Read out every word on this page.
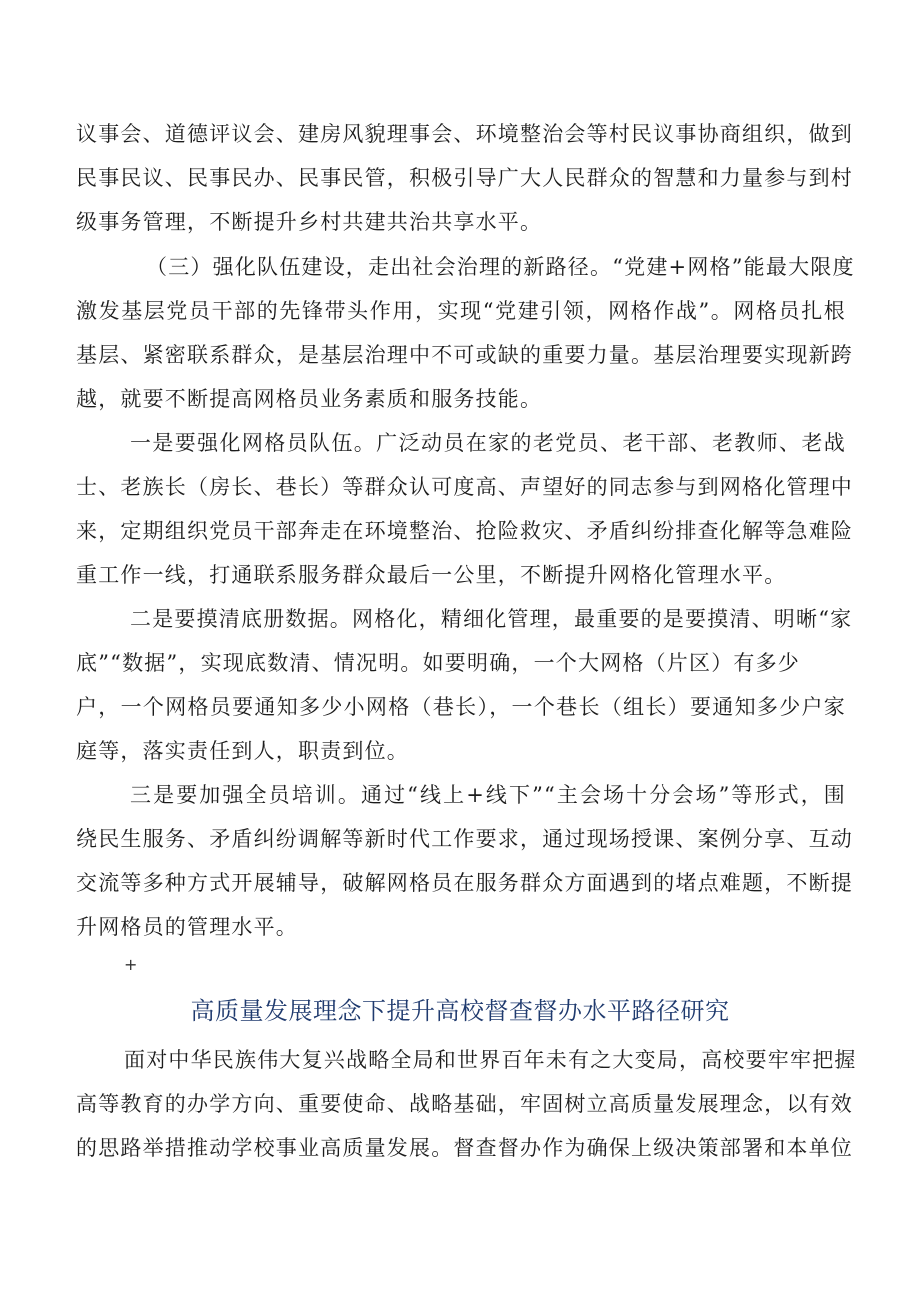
议事会、道德评议会、建房风貌理事会、环境整治会等村民议事协商组织，做到
民事民议、民事民办、民事民管，积极引导广大人民群众的智慧和力量参与到村
级事务管理，不断提升乡村共建共治共享水平。
（三）强化队伍建设，走出社会治理的新路径。“党建+网格”能最大限度
激发基层党员干部的先锋带头作用，实现“党建引领，网格作战”。网格员扎根
基层、紧密联系群众，是基层治理中不可或缺的重要力量。基层治理要实现新跨
越，就要不断提高网格员业务素质和服务技能。
一是要强化网格员队伍。广泛动员在家的老党员、老干部、老教师、老战
士、老族长（房长、巷长）等群众认可度高、声望好的同志参与到网格化管理中
来，定期组织党员干部奔走在环境整治、抢险救灾、矛盾纠纷排查化解等急难险
重工作一线，打通联系服务群众最后一公里，不断提升网格化管理水平。
二是要摸清底册数据。网格化，精细化管理，最重要的是要摸清、明晰“家
底”“数据”，实现底数清、情况明。如要明确，一个大网格（片区）有多少
户，一个网格员要通知多少小网格（巷长），一个巷长（组长）要通知多少户家
庭等，落实责任到人，职责到位。
三是要加强全员培训。通过“线上+线下”“主会场十分会场”等形式，围
绕民生服务、矛盾纠纷调解等新时代工作要求，通过现场授课、案例分享、互动
交流等多种方式开展辅导，破解网格员在服务群众方面遇到的堵点难题，不断提
升网格员的管理水平。
+
高质量发展理念下提升高校督查督办水平路径研究
面对中华民族伟大复兴战略全局和世界百年未有之大变局，高校要牢牢把握
高等教育的办学方向、重要使命、战略基础，牢固树立高质量发展理念，以有效
的思路举措推动学校事业高质量发展。督查督办作为确保上级决策部署和本单位
